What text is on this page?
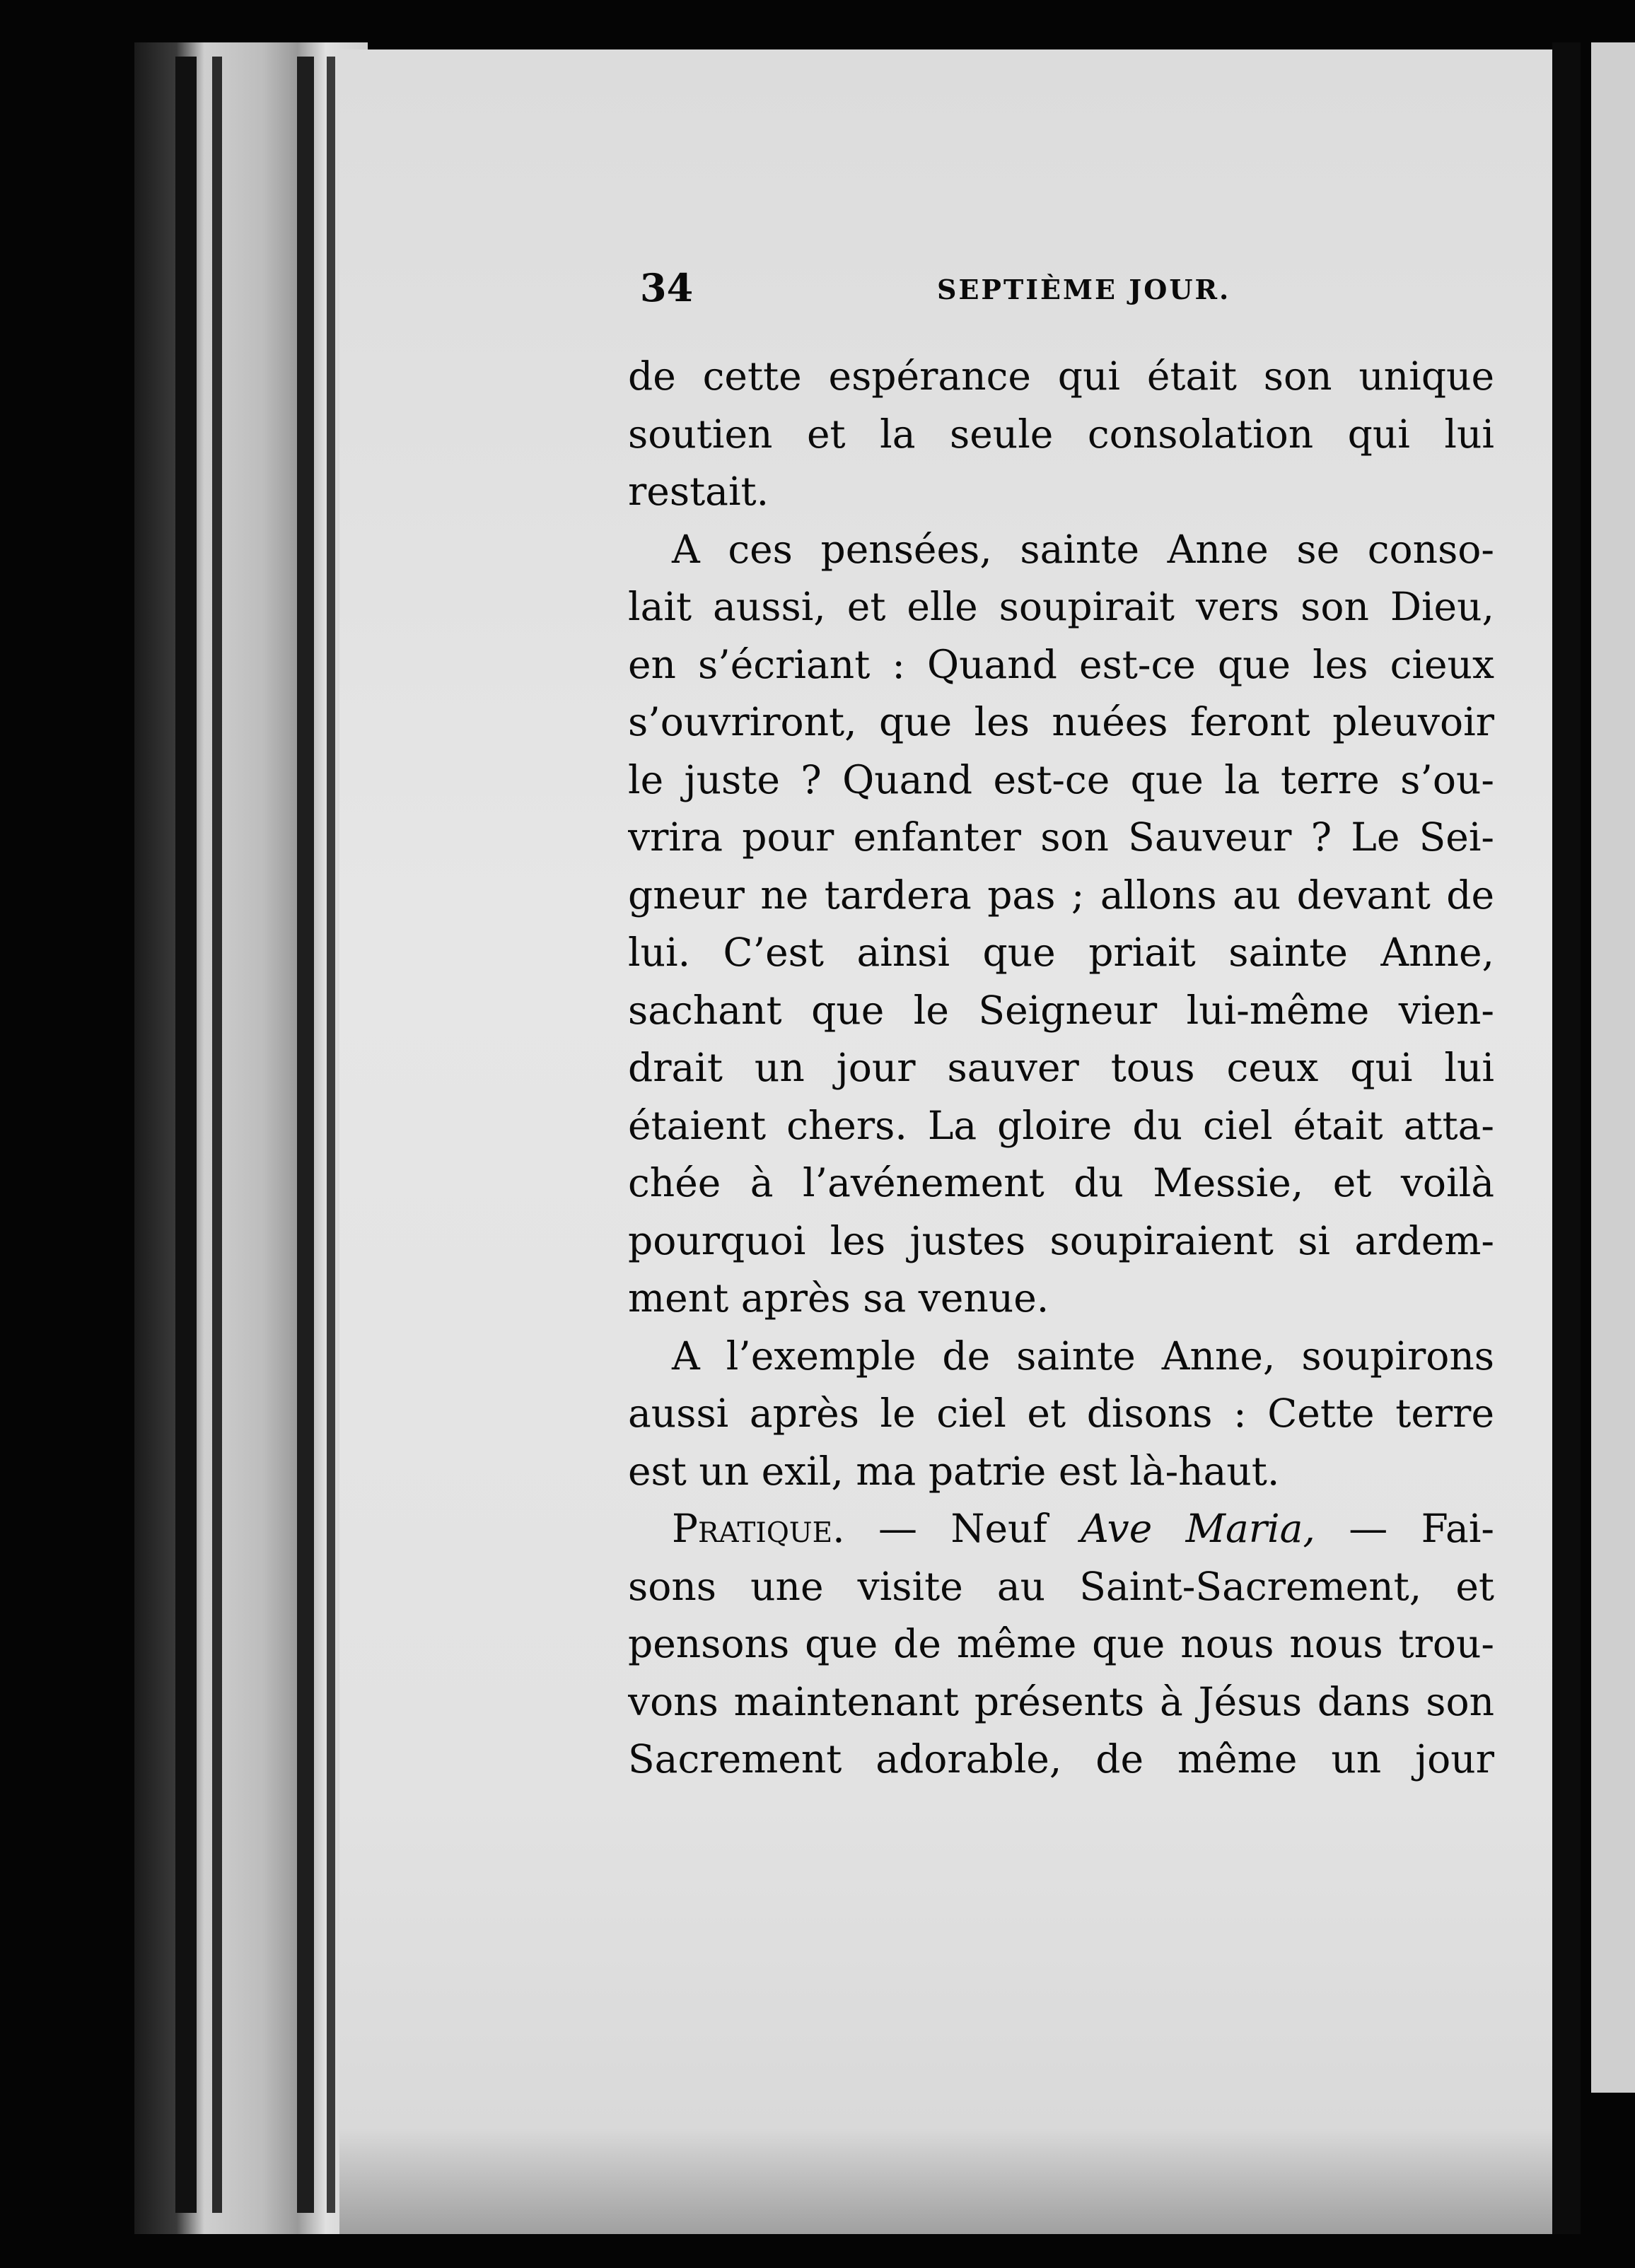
34	SEPTIÈME JOUR.
de cette espérance qui était son unique
soutien et la seule consolation qui lui
restait.
A ces pensées, sainte Anne se conso-
lait aussi, et elle soupirait vers son Dieu,
en s’écriant : Quand est-ce que les cieux
s’ouvriront, que les nuées feront pleuvoir
le juste ? Quand est-ce que la terre s’ou-
vrira pour enfanter son Sauveur ? Le Sei-
gneur ne tardera pas ; allons au devant de
lui. C’est ainsi que priait sainte Anne,
sachant que le Seigneur lui-même vien-
drait un jour sauver tous ceux qui lui
étaient chers. La gloire du ciel était atta-
chée à l’avénement du Messie, et voilà
pourquoi les justes soupiraient si ardem-
ment après sa venue.
A l’exemple de sainte Anne, soupirons
aussi après le ciel et disons : Cette terre
est un exil, ma patrie est là-haut.
Pratique. — Neuf Ave Maria, — Fai-
sons une visite au Saint-Sacrement, et
pensons que de même que nous nous trou-
vons maintenant présents à Jésus dans son
Sacrement adorable, de même un jour
